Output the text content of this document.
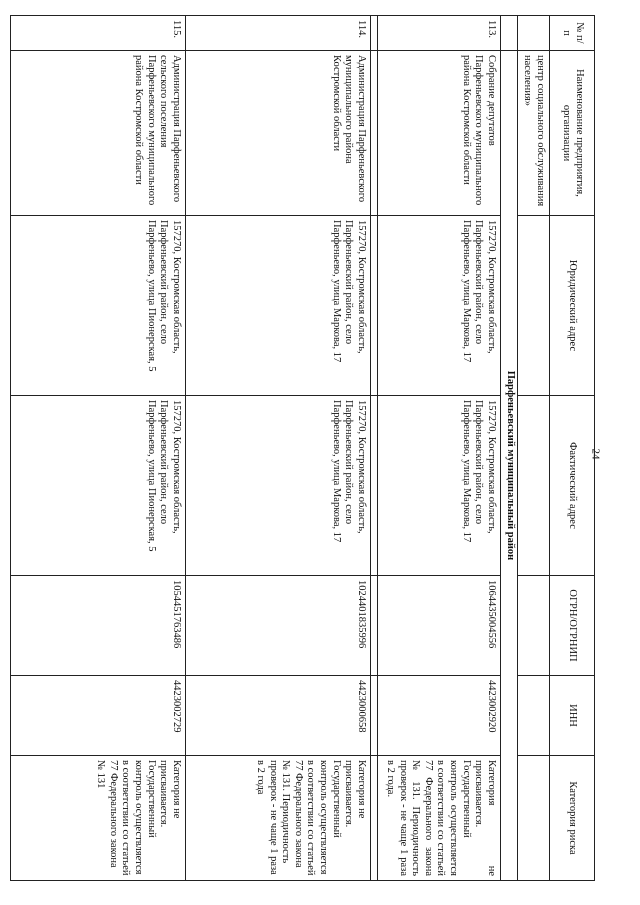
24
№ п/п	Наименование предприятия, организации	Юридический адрес	Фактический адрес	ОГРН/ОГРНИП	ИНН	Категория риска
	центр социального обслуживания населения»					
	Парфеньевский муниципальный район					
113.	Собрание депутатов Парфеньевского муниципального района Костромской области	157270, Костромская область, Парфеньевский район, село Парфеньево, улица Маркова, 17	157270, Костромская область, Парфеньевский район, село Парфеньево, улица Маркова, 17	1064435004556	4423002920	Категория не присваивается. Государственный контроль осуществляется в соответствии со статьей 77 Федерального закона № 131. Периодичность проверок - не чаще 1 раза в 2 года.

114.	Администрация Парфеньевского муниципального района Костромской области	157270, Костромская область, Парфеньевский район, село Парфеньево, улица Маркова, 17	157270, Костромская область, Парфеньевский район, село Парфеньево, улица Маркова, 17	1024401835996	4423000658	Категория не присваивается. Государственный контроль осуществляется в соответствии со статьей 77 Федерального закона № 131. Периодичность проверок - не чаще 1 раза в 2 года
115.	Администрация Парфеньевского сельского поселения Парфеньевского муниципального района Костромской области	157270, Костромская область, Парфеньевский район, село Парфеньево, улица Пионерская, 5	157270, Костромская область, Парфеньевский район, село Парфеньево, улица Пионерская, 5	1054451763486	4423002729	Категория не присваивается. Государственный контроль осуществляется в соответствии со статьей 77 Федерального закона № 131
